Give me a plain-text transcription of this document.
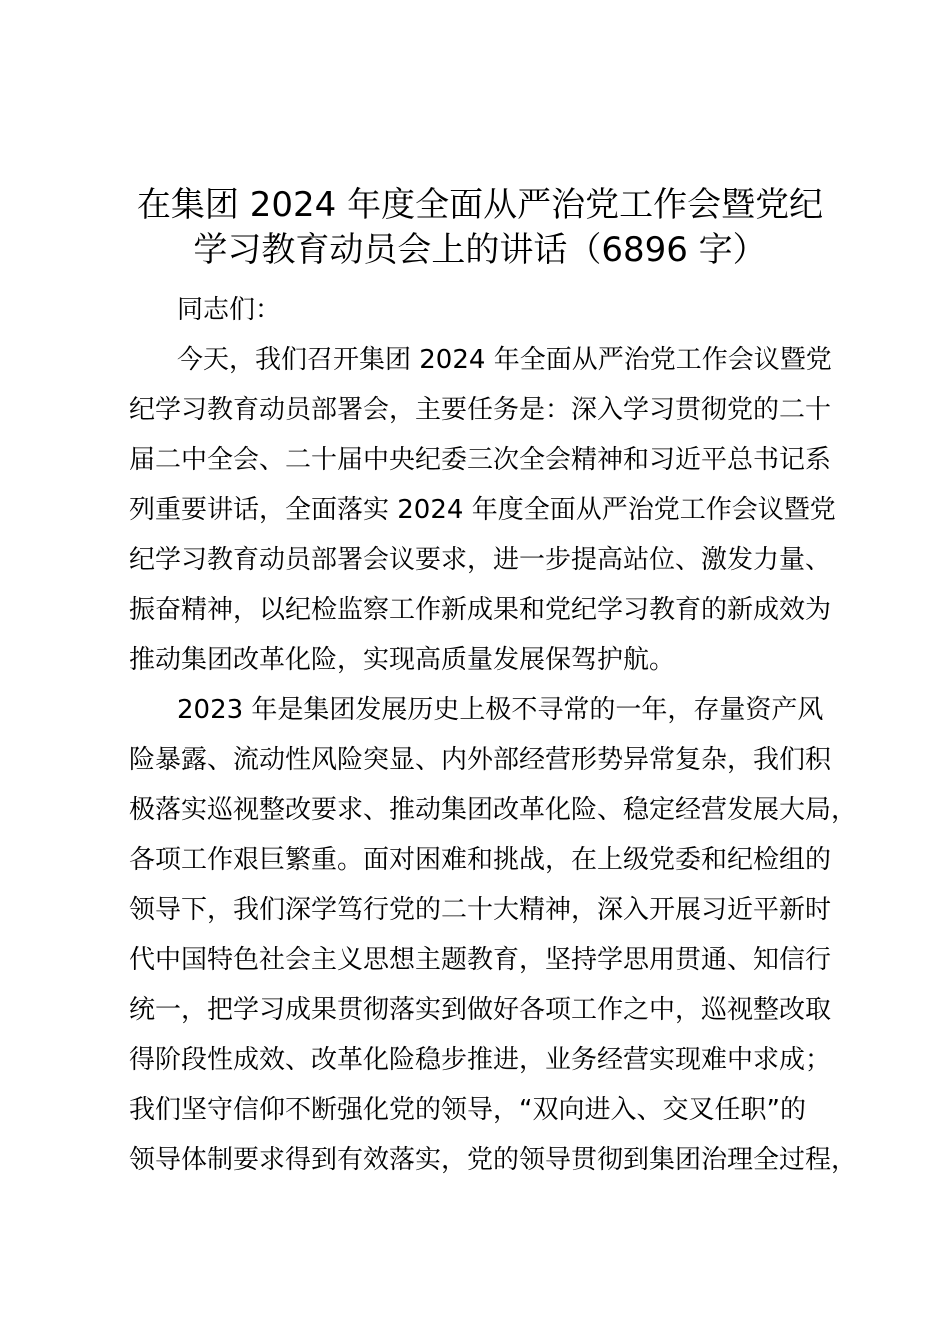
在集团 2024 年度全面从严治党工作会暨党纪
学习教育动员会上的讲话（6896 字）
同志们：
今天，我们召开集团 2024 年全面从严治党工作会议暨党
纪学习教育动员部署会，主要任务是：深入学习贯彻党的二十
届二中全会、二十届中央纪委三次全会精神和习近平总书记系
列重要讲话，全面落实 2024 年度全面从严治党工作会议暨党
纪学习教育动员部署会议要求，进一步提高站位、激发力量、
振奋精神，以纪检监察工作新成果和党纪学习教育的新成效为
推动集团改革化险，实现高质量发展保驾护航。
2023 年是集团发展历史上极不寻常的一年，存量资产风
险暴露、流动性风险突显、内外部经营形势异常复杂，我们积
极落实巡视整改要求、推动集团改革化险、稳定经营发展大局，
各项工作艰巨繁重。面对困难和挑战，在上级党委和纪检组的
领导下，我们深学笃行党的二十大精神，深入开展习近平新时
代中国特色社会主义思想主题教育，坚持学思用贯通、知信行
统一，把学习成果贯彻落实到做好各项工作之中，巡视整改取
得阶段性成效、改革化险稳步推进，业务经营实现难中求成；
我们坚守信仰不断强化党的领导，“双向进入、交叉任职”的
领导体制要求得到有效落实，党的领导贯彻到集团治理全过程，
